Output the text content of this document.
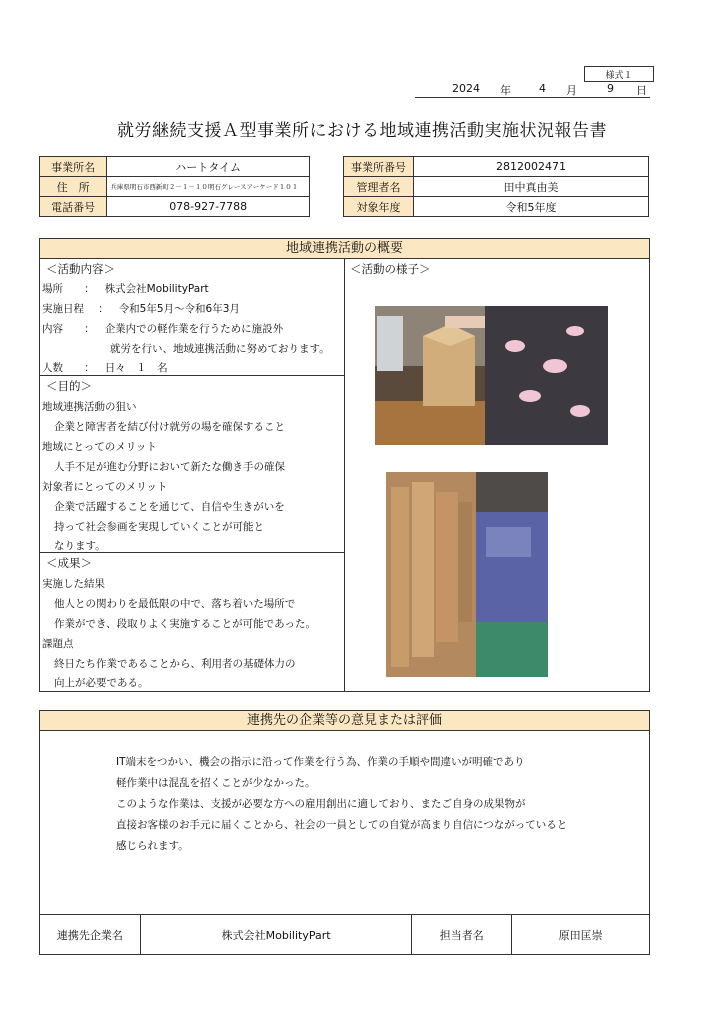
様式１
2024 年	4 月	9 日
就労継続支援Ａ型事業所における地域連携活動実施状況報告書
事業所名	ハートタイム
住　所	兵庫県明石市西新町２－１－１０明石グレースアーケード１０１
電話番号	078-927-7788
事業所番号	2812002471
管理者名	田中真由美
対象年度	令和5年度
地域連携活動の概要
＜活動内容＞
場所 ： 株式会社MobilityPart
実施日程 ： 令和5年5月～令和6年3月
内容 ： 企業内での軽作業を行うために施設外
就労を行い、地域連携活動に努めております。
人数 ： 日々　１　名
＜目的＞
地域連携活動の狙い
企業と障害者を結び付け就労の場を確保すること
地域にとってのメリット
人手不足が進む分野において新たな働き手の確保
対象者にとってのメリット
企業で活躍することを通じて、自信や生きがいを
持って社会参画を実現していくことが可能と
なります。
＜成果＞
実施した結果
他人との関わりを最低限の中で、落ち着いた場所で
作業ができ、段取りよく実施することが可能であった。
課題点
終日たち作業であることから、利用者の基礎体力の
向上が必要である。
＜活動の様子＞
連携先の企業等の意見または評価
IT端末をつかい、機会の指示に沿って作業を行う為、作業の手順や間違いが明確であり
軽作業中は混乱を招くことが少なかった。
このような作業は、支援が必要な方への雇用創出に適しており、またご自身の成果物が
直接お客様のお手元に届くことから、社会の一員としての自覚が高まり自信につながっていると
感じられます。
連携先企業名	株式会社MobilityPart	担当者名	原田匡崇
